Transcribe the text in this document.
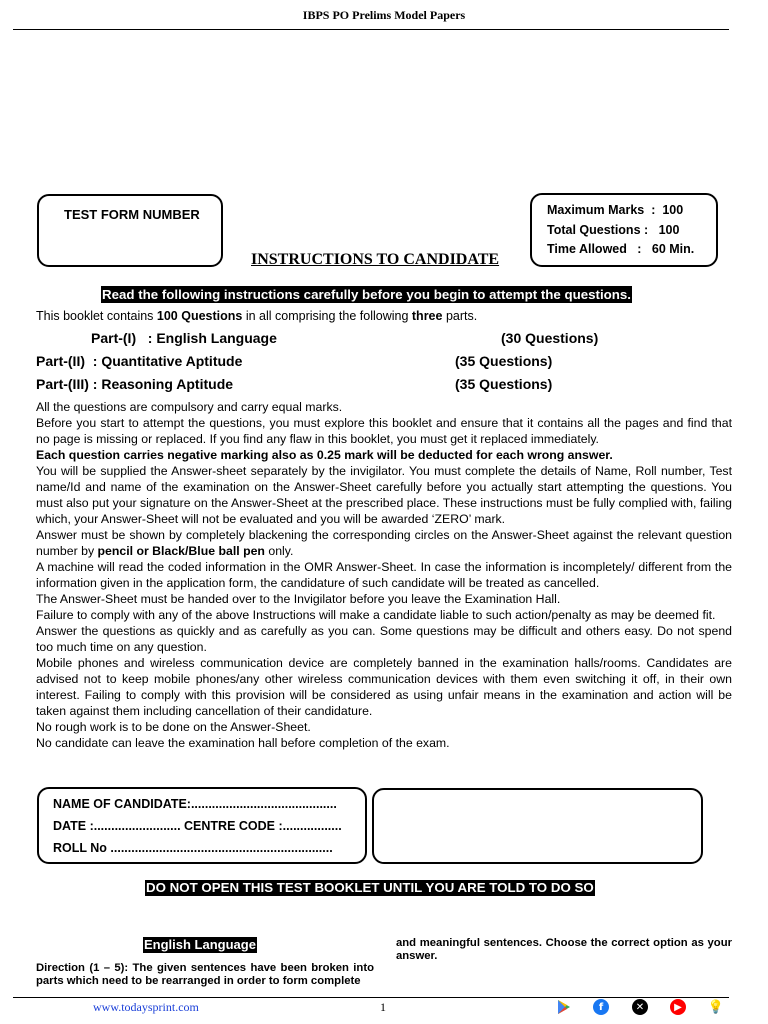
IBPS PO Prelims Model Papers
TEST FORM NUMBER	Maximum Marks  :  100
Total Questions :   100
Time Allowed   :   60 Min.
INSTRUCTIONS TO CANDIDATE
Read the following instructions carefully before you begin to attempt the questions.
This booklet contains 100 Questions in all comprising the following three parts.
Part-(I)   : English Language	(30 Questions)
Part-(II)  : Quantitative Aptitude	(35 Questions)
Part-(III) : Reasoning Aptitude	(35 Questions)

All the questions are compulsory and carry equal marks.

Before you start to attempt the questions, you must explore this booklet and ensure that it contains all the pages and find that no page is missing or replaced. If you find any flaw in this booklet, you must get it replaced immediately.

Each question carries negative marking also as 0.25 mark will be deducted for each wrong answer.

You will be supplied the Answer-sheet separately by the invigilator. You must complete the details of Name, Roll number, Test name/Id and name of the examination on the Answer-Sheet carefully before you actually start attempting the questions. You must also put your signature on the Answer-Sheet at the prescribed place. These instructions must be fully complied with, failing which, your Answer-Sheet will not be evaluated and you will be awarded ‘ZERO’ mark.

Answer must be shown by completely blackening the corresponding circles on the Answer-Sheet against the relevant question number by pencil or Black/Blue ball pen only.

A machine will read the coded information in the OMR Answer-Sheet. In case the information is incompletely/ different from the information given in the application form, the candidature of such candidate will be treated as cancelled.

The Answer-Sheet must be handed over to the Invigilator before you leave the Examination Hall.

Failure to comply with any of the above Instructions will make a candidate liable to such action/penalty as may be deemed fit.

Answer the questions as quickly and as carefully as you can. Some questions may be difficult and others easy. Do not spend too much time on any question.

Mobile phones and wireless communication device are completely banned in the examination halls/rooms. Candidates are advised not to keep mobile phones/any other wireless communication devices with them even switching it off, in their own interest. Failing to comply with this provision will be considered as using unfair means in the examination and action will be taken against them including cancellation of their candidature.

No rough work is to be done on the Answer-Sheet.

No candidate can leave the examination hall before completion of the exam.

NAME OF CANDIDATE:..........................................
DATE :......................... CENTRE CODE :.................
ROLL No ................................................................
DO NOT OPEN THIS TEST BOOKLET UNTIL YOU ARE TOLD TO DO SO
English Language
Direction (1 – 5): The given sentences have been broken into parts which need to be rearranged in order to form complete
and meaningful sentences. Choose the correct option as your answer.
www.todaysprint.com	1	f	✕	▶	💡
